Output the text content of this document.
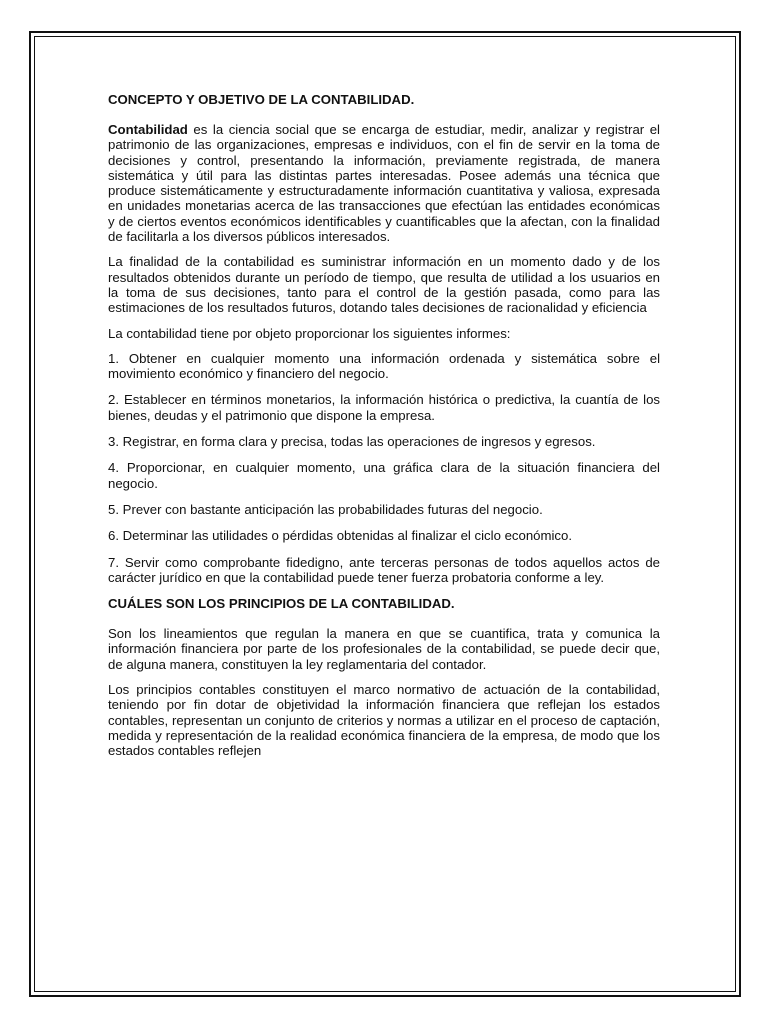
CONCEPTO Y OBJETIVO DE LA CONTABILIDAD.

Contabilidad es la ciencia social que se encarga de estudiar, medir, analizar y registrar el patrimonio de las organizaciones, empresas e individuos, con el fin de servir en la toma de decisiones y control, presentando la información, previamente registrada, de manera sistemática y útil para las distintas partes interesadas. Posee además una técnica que produce sistemáticamente y estructuradamente información cuantitativa y valiosa, expresada en unidades monetarias acerca de las transacciones que efectúan las entidades económicas y de ciertos eventos económicos identificables y cuantificables que la afectan, con la finalidad de facilitarla a los diversos públicos interesados.

La finalidad de la contabilidad es suministrar información en un momento dado y de los resultados obtenidos durante un período de tiempo, que resulta de utilidad a los usuarios en la toma de sus decisiones, tanto para el control de la gestión pasada, como para las estimaciones de los resultados futuros, dotando tales decisiones de racionalidad y eficiencia

La contabilidad tiene por objeto proporcionar los siguientes informes:

1. Obtener en cualquier momento una información ordenada y sistemática sobre el movimiento económico y financiero del negocio.

2. Establecer en términos monetarios, la información histórica o predictiva, la cuantía de los bienes, deudas y el patrimonio que dispone la empresa.

3. Registrar, en forma clara y precisa, todas las operaciones de ingresos y egresos.

4. Proporcionar, en cualquier momento, una gráfica clara de la situación financiera del negocio.

5. Prever con bastante anticipación las probabilidades futuras del negocio.

6. Determinar las utilidades o pérdidas obtenidas al finalizar el ciclo económico.

7. Servir como comprobante fidedigno, ante terceras personas de todos aquellos actos de carácter jurídico en que la contabilidad puede tener fuerza probatoria conforme a ley.

CUÁLES SON LOS PRINCIPIOS DE LA CONTABILIDAD.

Son los lineamientos que regulan la manera en que se cuantifica, trata y comunica la información financiera por parte de los profesionales de la contabilidad, se puede decir que, de alguna manera, constituyen la ley reglamentaria del contador.

Los principios contables constituyen el marco normativo de actuación de la contabilidad, teniendo por fin dotar de objetividad la información financiera que reflejan los estados contables, representan un conjunto de criterios y normas a utilizar en el proceso de captación, medida y representación de la realidad económica financiera de la empresa, de modo que los estados contables reflejen
